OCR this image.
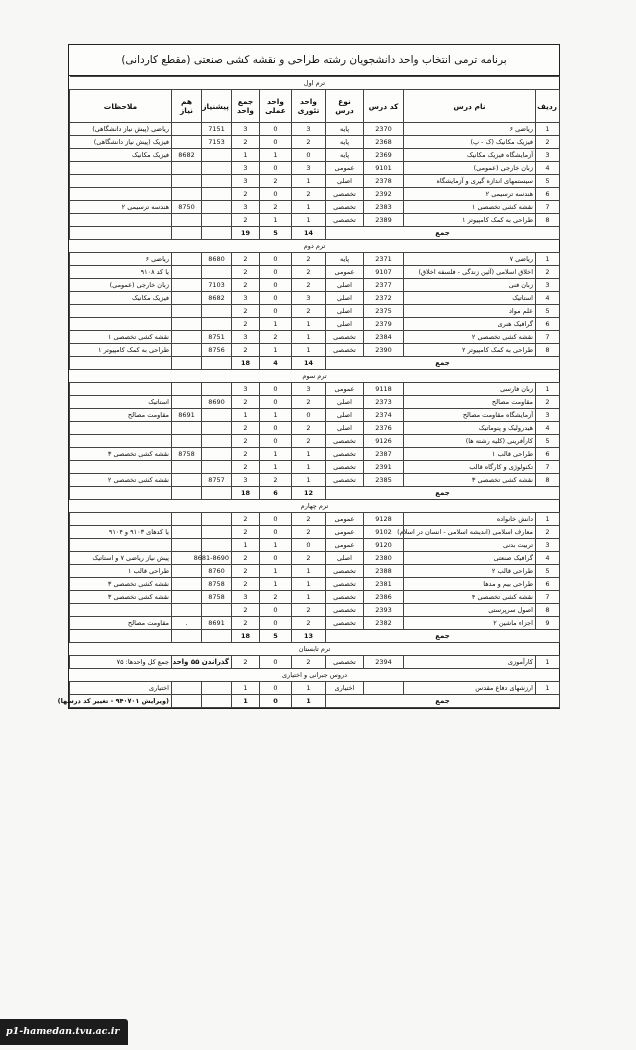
برنامه ترمی انتخاب واحد دانشجویان رشته طراحی و نقشه کشی صنعتی (مقطع کاردانی)
ترم اول									
ردیف	نام درس	کد درس	نوع درس	واحد تئوری	واحد عملی	جمع واحد	پیشنیاز	هم نیاز	ملاحظات
1	ریاضی ۶	2370	پایه	3	0	3	7151		ریاضی (پیش نیاز دانشگاهی)
2	فیزیک مکانیک (ک - پ)	2368	پایه	2	0	2	7153		فیزیک (پیش نیاز دانشگاهی)
3	آزمایشگاه فیزیک مکانیک	2369	پایه	0	1	1		8682	فیزیک مکانیک
4	زبان خارجی (عمومی)	9101	عمومی	3	0	3			
5	سیستمهای اندازه گیری و آزمایشگاه	2378	اصلی	1	2	3			
6	هندسه ترسیمی ۲	2392	تخصصی	2	0	2			
7	نقشه کشی تخصصی ۱	2383	تخصصی	1	2	3		8750	هندسه ترسیمی ۲
8	طراحی به کمک کامپیوتر ۱	2389	تخصصی	1	1	2			
جمع				14	5	19			
ترم دوم									
1	ریاضی ۷	2371	پایه	2	0	2	8680		ریاضی ۶
2	اخلاق اسلامی (آئین زندگی - فلسفه اخلاق)	9107	عمومی	2	0	2			یا کد ۹۱۰۸
3	زبان فنی	2377	اصلی	2	0	2	7103		زبان خارجی (عمومی)
4	استاتیک	2372	اصلی	3	0	3	8682		فیزیک مکانیک
5	علم مواد	2375	اصلی	2	0	2			
6	گرافیک هنری	2379	اصلی	1	1	2			
7	نقشه کشی تخصصی ۲	2384	تخصصی	1	2	3	8751		نقشه کشی تخصصی ۱
8	طراحی به کمک کامپیوتر ۲	2390	تخصصی	1	1	2	8756		طراحی به کمک کامپیوتر ۱
جمع				14	4	18			
ترم سوم									
1	زبان فارسی	9118	عمومی	3	0	3			
2	مقاومت مصالح	2373	اصلی	2	0	2	8690		استاتیک
3	آزمایشگاه مقاومت مصالح	2374	اصلی	0	1	1		8691	مقاومت مصالح
4	هیدرولیک و پنوماتیک	2376	اصلی	2	0	2			
5	کارآفرینی (کلیه رشته ها)	9126	تخصصی	2	0	2			
6	طراحی قالب ۱	2387	تخصصی	1	1	2		8758	نقشه کشی تخصصی ۳
7	تکنولوژی و کارگاه قالب	2391	تخصصی	1	1	2			
8	نقشه کشی تخصصی ۳	2385	تخصصی	1	2	3	8757		نقشه کشی تخصصی ۲
جمع				12	6	18			
ترم چهارم									
1	دانش خانواده	9128	عمومی	2	0	2			
2	معارف اسلامی (اندیشه اسلامی - انسان در اسلام)	9102	عمومی	2	0	2			یا کدهای ۹۱۰۳ و ۹۱۰۴
3	تربیت بدنی	9120	عمومی	0	1	1			
4	گرافیک صنعتی	2380	اصلی	2	0	2	8681-8690		پیش نیاز ریاضی ۷ و استاتیک
5	طراحی قالب ۲	2388	تخصصی	1	1	2	8760		طراحی قالب ۱
6	طراحی بیم و مدها	2381	تخصصی	1	1	2	8758		نقشه کشی تخصصی ۳
7	نقشه کشی تخصصی ۴	2386	تخصصی	1	2	3	8758		نقشه کشی تخصصی ۳
8	اصول سرپرستی	2393	تخصصی	2	0	2			
9	اجزاء ماشین ۲	2382	تخصصی	2	0	2	8691	.	مقاومت مصالح
جمع				13	5	18			
ترم تابستان									
1	کارآموزی	2394	تخصصی	2	0	2	گذراندن ۵۵ واحد		جمع کل واحدها: ۷۵
دروس جبرانی و اختیاری									
1	ارزشهای دفاع مقدس		اختیاری	1	0	1			اختیاری
جمع				1	0	1			(ویرایش ۹۴۰۷۰۱ - تغییر کد درسها)
p1-hamedan.tvu.ac.ir
